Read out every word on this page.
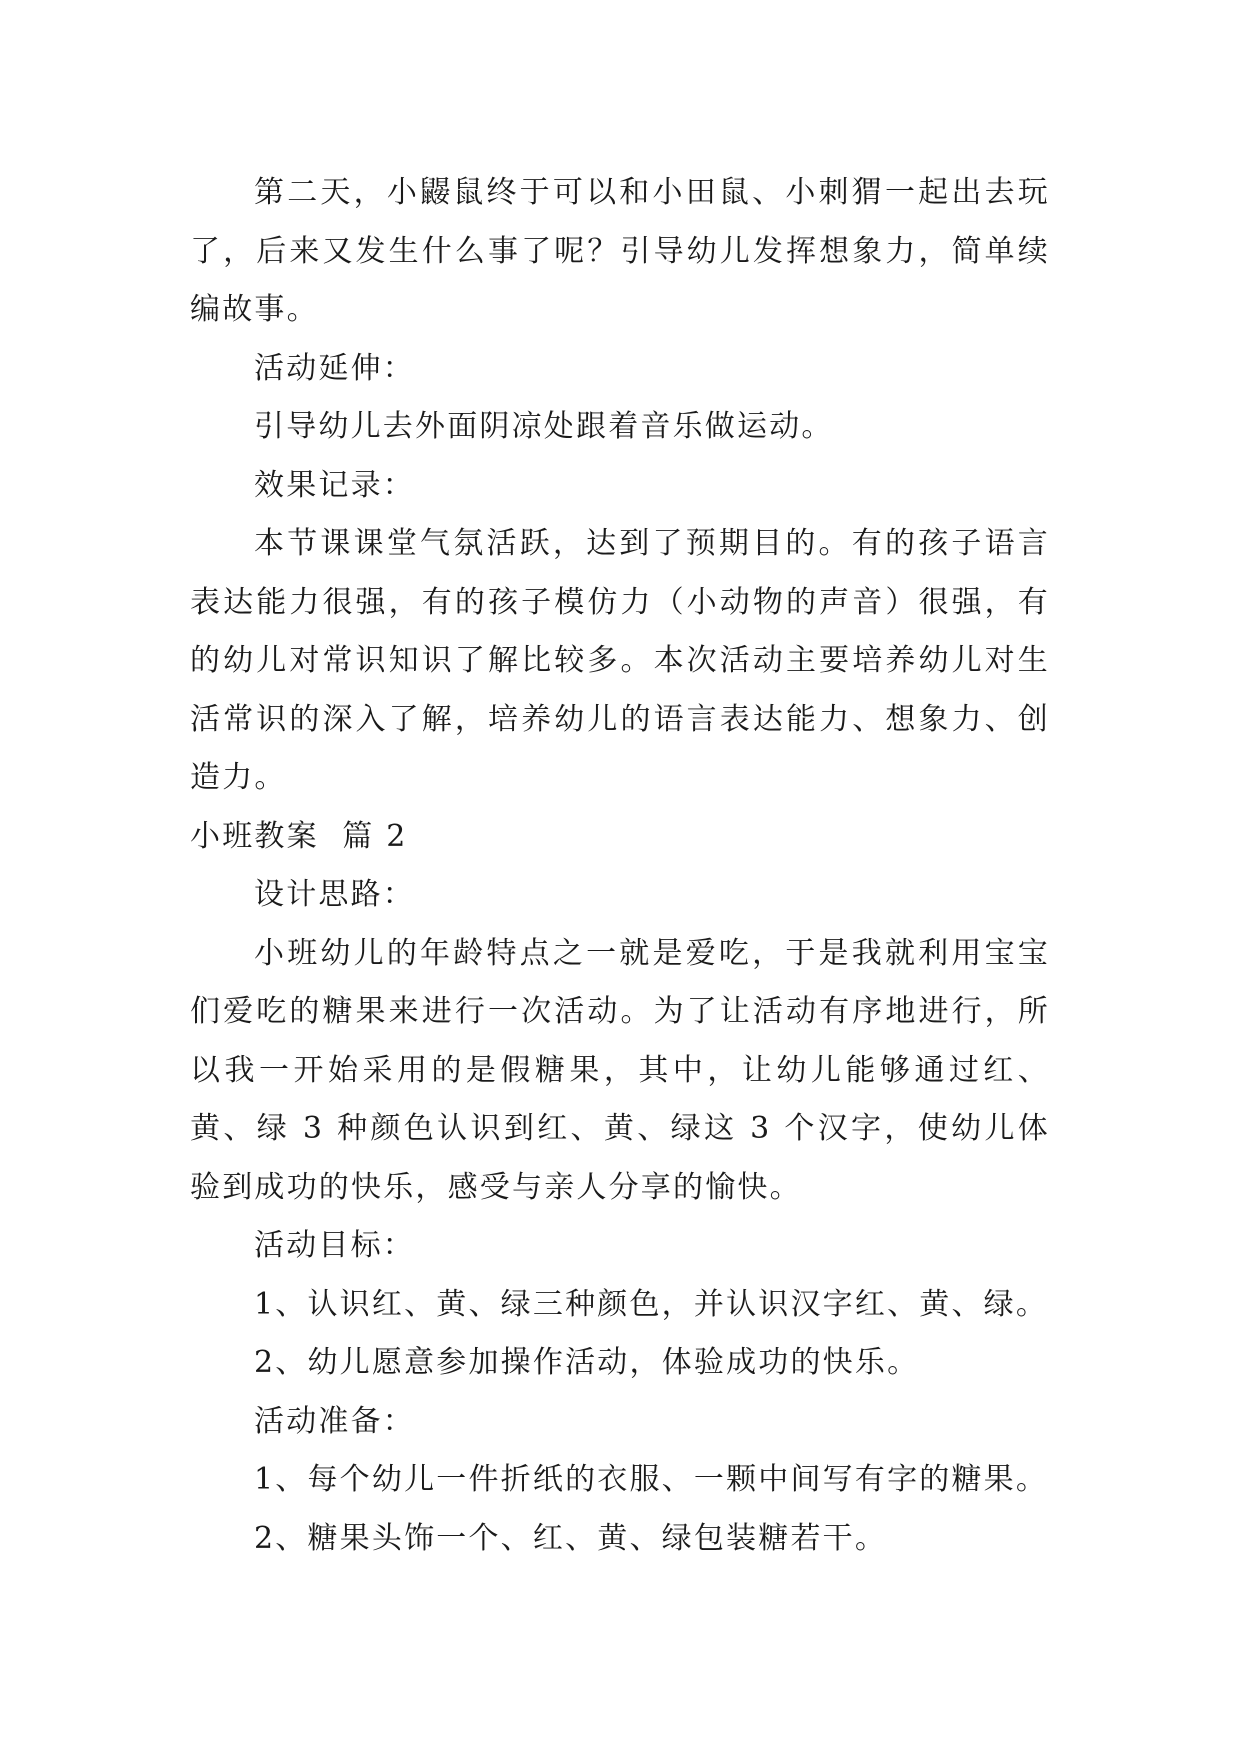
第二天，小鼹鼠终于可以和小田鼠、小刺猬一起出去玩了，后来又发生什么事了呢？引导幼儿发挥想象力，简单续编故事。

活动延伸：

引导幼儿去外面阴凉处跟着音乐做运动。

效果记录：

本节课课堂气氛活跃，达到了预期目的。有的孩子语言表达能力很强，有的孩子模仿力（小动物的声音）很强，有的幼儿对常识知识了解比较多。本次活动主要培养幼儿对生活常识的深入了解，培养幼儿的语言表达能力、想象力、创造力。

小班教案  篇 2

设计思路：

小班幼儿的年龄特点之一就是爱吃，于是我就利用宝宝们爱吃的糖果来进行一次活动。为了让活动有序地进行，所以我一开始采用的是假糖果，其中，让幼儿能够通过红、黄、绿 3 种颜色认识到红、黄、绿这 3 个汉字，使幼儿体验到成功的快乐，感受与亲人分享的愉快。

活动目标：

1、认识红、黄、绿三种颜色，并认识汉字红、黄、绿。

2、幼儿愿意参加操作活动，体验成功的快乐。

活动准备：

1、每个幼儿一件折纸的衣服、一颗中间写有字的糖果。

2、糖果头饰一个、红、黄、绿包装糖若干。
